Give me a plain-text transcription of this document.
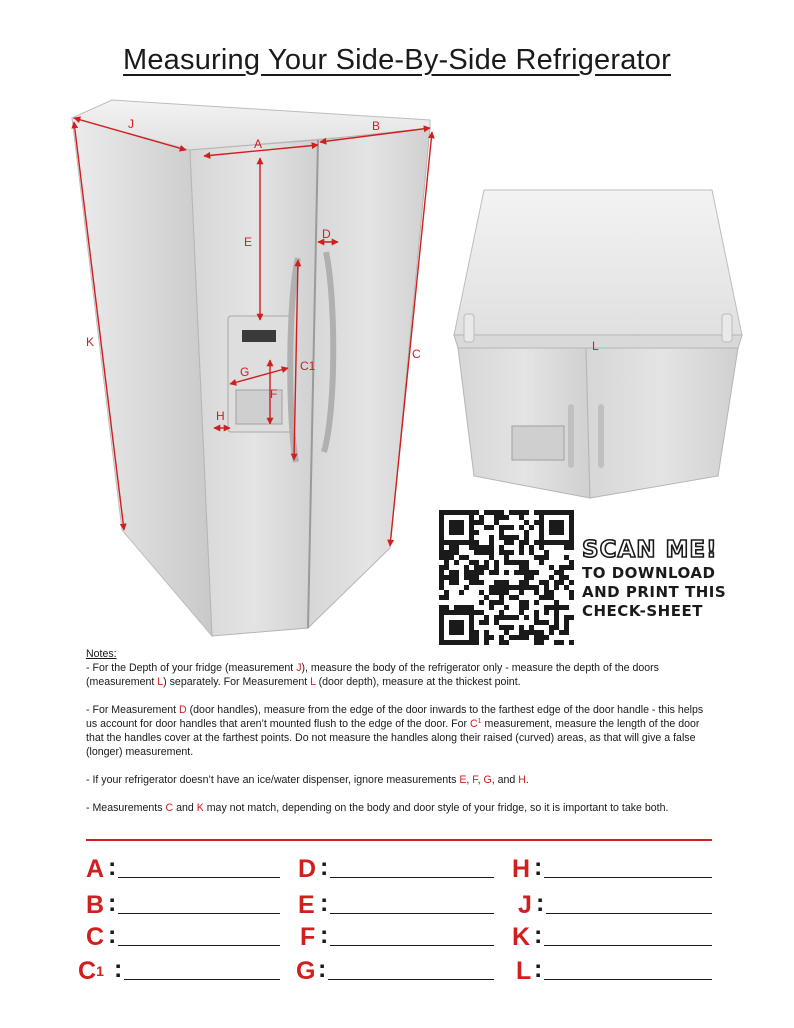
Measuring Your Side-By-Side Refrigerator
J
A
B
E
D
K
C
C1
G
F
H
L
SCAN ME!
TO DOWNLOAD
AND PRINT THIS
CHECK-SHEET

Notes:

- For the Depth of your fridge (measurement J), measure the body of the refrigerator only - measure the depth of the doors (measurement L) separately. For Measurement L (door depth), measure at the thickest point.

- For Measurement D (door handles), measure from the edge of the door inwards to the farthest edge of the door handle - this helps us account for door handles that aren’t mounted flush to the edge of the door. For $C^1$ measurement, measure the length of the door that the handles cover at the farthest points. Do not measure the handles along their raised (curved) areas, as that will give a false (longer) measurement.

- If your refrigerator doesn’t have an ice/water dispenser, ignore measurements E, F, G, and H.

- Measurements C and K may not match, depending on the body and door style of your fridge, so it is important to take both.

A :
B :
C :
$C^1$ :
D :
E :
F :
G :
H :
J :
K :
L :
